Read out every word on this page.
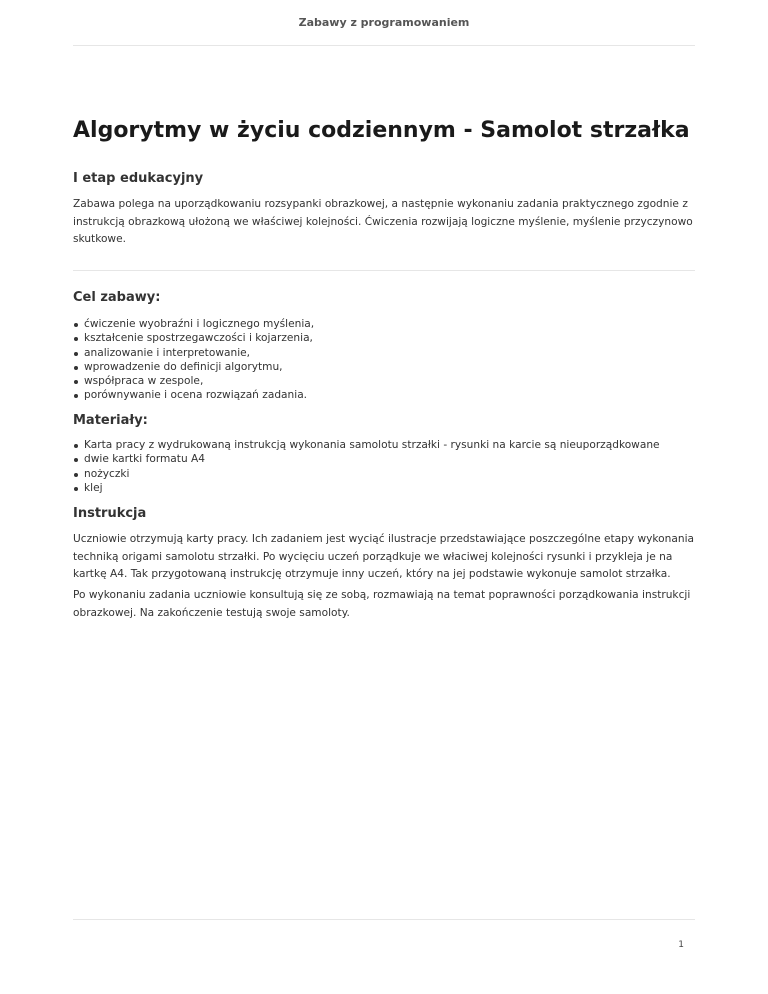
Zabawy z programowaniem
Algorytmy w życiu codziennym - Samolot strzałka
I etap edukacyjny

Zabawa polega na uporządkowaniu rozsypanki obrazkowej, a następnie wykonaniu zadania praktycznego zgodnie z instrukcją obrazkową ułożoną we właściwej kolejności. Ćwiczenia rozwijają logiczne myślenie, myślenie przyczynowo skutkowe.

Cel zabawy:
ćwiczenie wyobraźni i logicznego myślenia,
kształcenie spostrzegawczości i kojarzenia,
analizowanie i interpretowanie,
wprowadzenie do definicji algorytmu,
współpraca w zespole,
porównywanie i ocena rozwiązań zadania.
Materiały:
Karta pracy z wydrukowaną instrukcją wykonania samolotu strzałki - rysunki na karcie są nieuporządkowane
dwie kartki formatu A4
nożyczki
klej
Instrukcja

Uczniowie otrzymują karty pracy. Ich zadaniem jest wyciąć ilustracje przedstawiające poszczególne etapy wykonania techniką origami samolotu strzałki. Po wycięciu uczeń porządkuje we właciwej kolejności rysunki i przykleja je na kartkę A4. Tak przygotowaną instrukcję otrzymuje inny uczeń, który na jej podstawie wykonuje samolot strzałka.

Po wykonaniu zadania uczniowie konsultują się ze sobą, rozmawiają na temat poprawności porządkowania instrukcji obrazkowej. Na zakończenie testują swoje samoloty.

1
